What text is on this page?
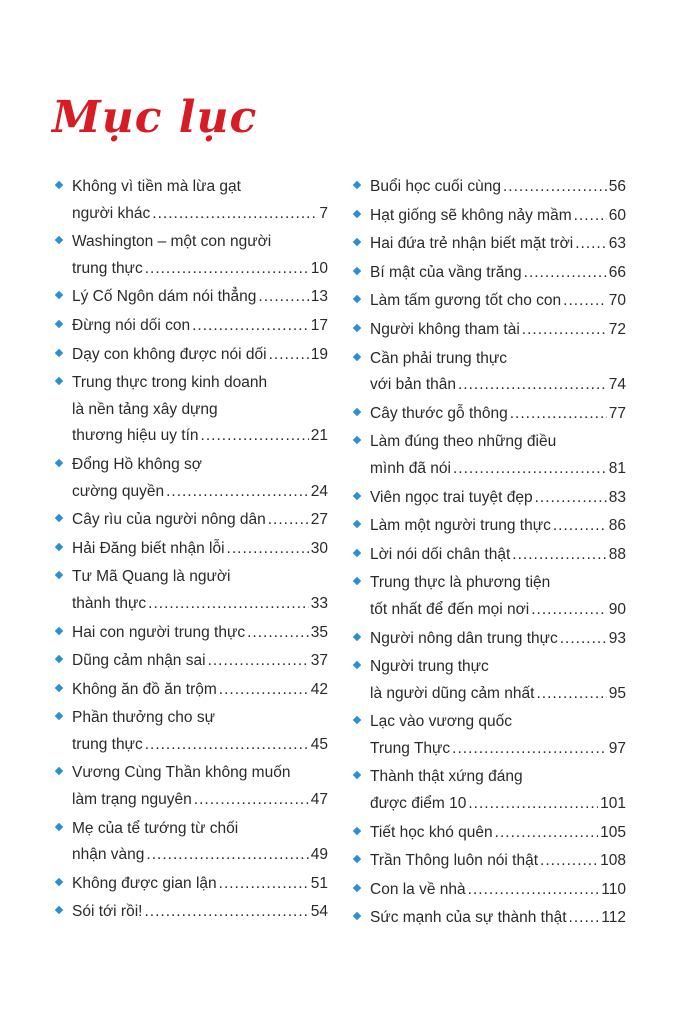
Mục lục
Không vì tiền mà lừa gạt
người khác .....	7
Washington – một con người
trung thực .....	10
Lý Cố Ngôn dám nói thẳng .....	13
Đừng nói dối con .....	17
Dạy con không được nói dối .....	19
Trung thực trong kinh doanh
là nền tảng xây dựng
thương hiệu uy tín .....	21
Đổng Hồ không sợ
cường quyền .....	24
Cây rìu của người nông dân .....	27
Hải Đăng biết nhận lỗi .....	30
Tư Mã Quang là người
thành thực .....	33
Hai con người trung thực .....	35
Dũng cảm nhận sai .....	37
Không ăn đồ ăn trộm .....	42
Phần thưởng cho sự
trung thực .....	45
Vương Cùng Thần không muốn
làm trạng nguyên .....	47
Mẹ của tể tướng từ chối
nhận vàng .....	49
Không được gian lận .....	51
Sói tới rồi! .....	54
Buổi học cuối cùng .....	56
Hạt giống sẽ không nảy mầm ..... 60
Hai đứa trẻ nhận biết mặt trời ..... 63
Bí mật của vầng trăng .....	66
Làm tấm gương tốt cho con .....	70
Người không tham tài .....	72
Cần phải trung thực
với bản thân .....	74
Cây thước gỗ thông .....	77
Làm đúng theo những điều
mình đã nói .....	81
Viên ngọc trai tuyệt đẹp .....	83
Làm một người trung thực .....	86
Lời nói dối chân thật .....	88
Trung thực là phương tiện
tốt nhất để đến mọi nơi .....	90
Người nông dân trung thực .....	93
Người trung thực
là người dũng cảm nhất .....	95
Lạc vào vương quốc
Trung Thực .....	97
Thành thật xứng đáng
được điểm 10 .....	101
Tiết học khó quên .....	105
Trần Thông luôn nói thật .....	108
Con la về nhà .....	110
Sức mạnh của sự thành thật ..... 112
